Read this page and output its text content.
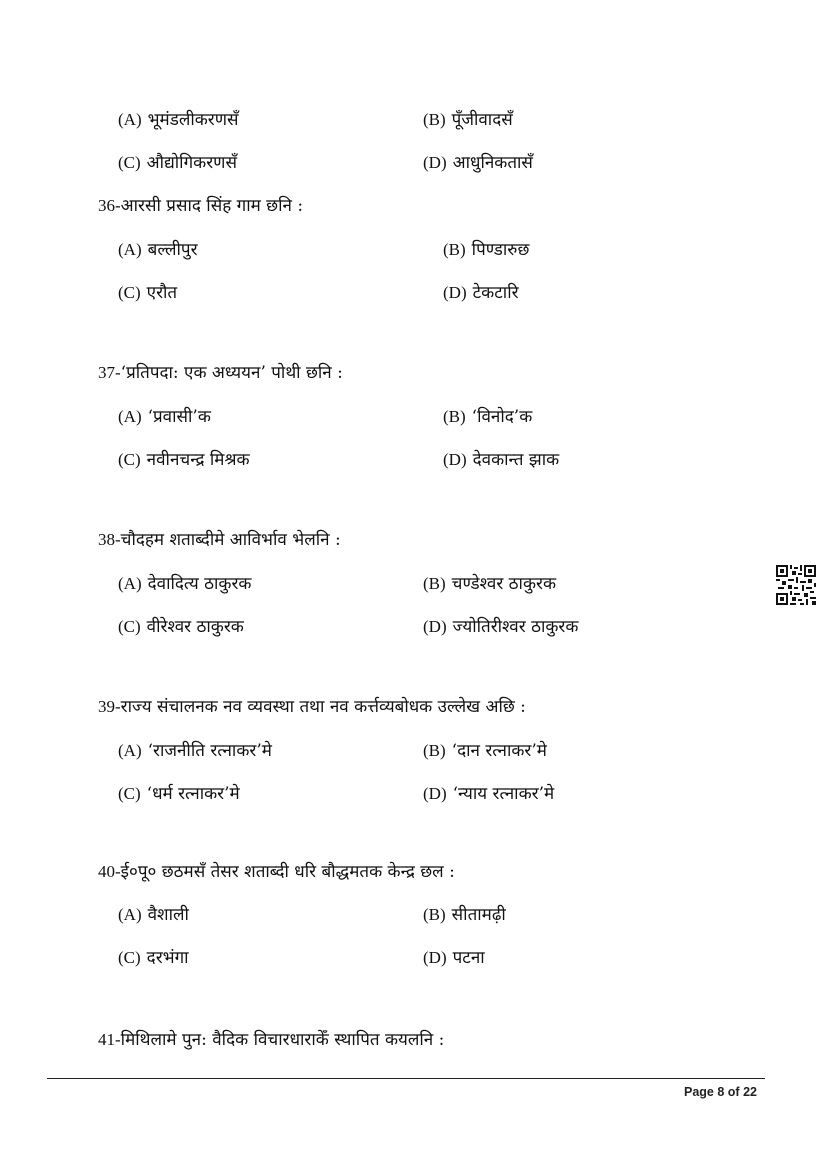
(A) भूमंडलीकरणसँ	(B) पूँजीवादसँ
(C) औद्योगिकरणसँ	(D) आधुनिकतासँ
36-आरसी प्रसाद सिंह गाम छनि :
(A) बल्लीपुर	(B) पिण्डारुछ
(C) एरौत	(D) टेकटारि
37-‘प्रतिपदा: एक अध्ययन’ पोथी छनि :
(A) ‘प्रवासी’क	(B) ‘विनोद’क
(C) नवीनचन्द्र मिश्रक	(D) देवकान्त झाक
38-चौदहम शताब्दीमे आविर्भाव भेलनि :
(A) देवादित्य ठाकुरक	(B) चण्डेश्वर ठाकुरक
(C) वीरेश्वर ठाकुरक	(D) ज्योतिरीश्वर ठाकुरक
39-राज्य संचालनक नव व्यवस्था तथा नव कर्त्तव्यबोधक उल्लेख अछि :
(A) ‘राजनीति रत्नाकर’मे	(B) ‘दान रत्नाकर’मे
(C) ‘धर्म रत्नाकर’मे	(D) ‘न्याय रत्नाकर’मे
40-ई०पू० छठमसँ तेसर शताब्दी धरि बौद्धमतक केन्द्र छल :
(A) वैशाली	(B) सीतामढ़ी
(C) दरभंगा	(D) पटना
41-मिथिलामे पुन: वैदिक विचारधाराकेँ स्थापित कयलनि :
Page 8 of 22
